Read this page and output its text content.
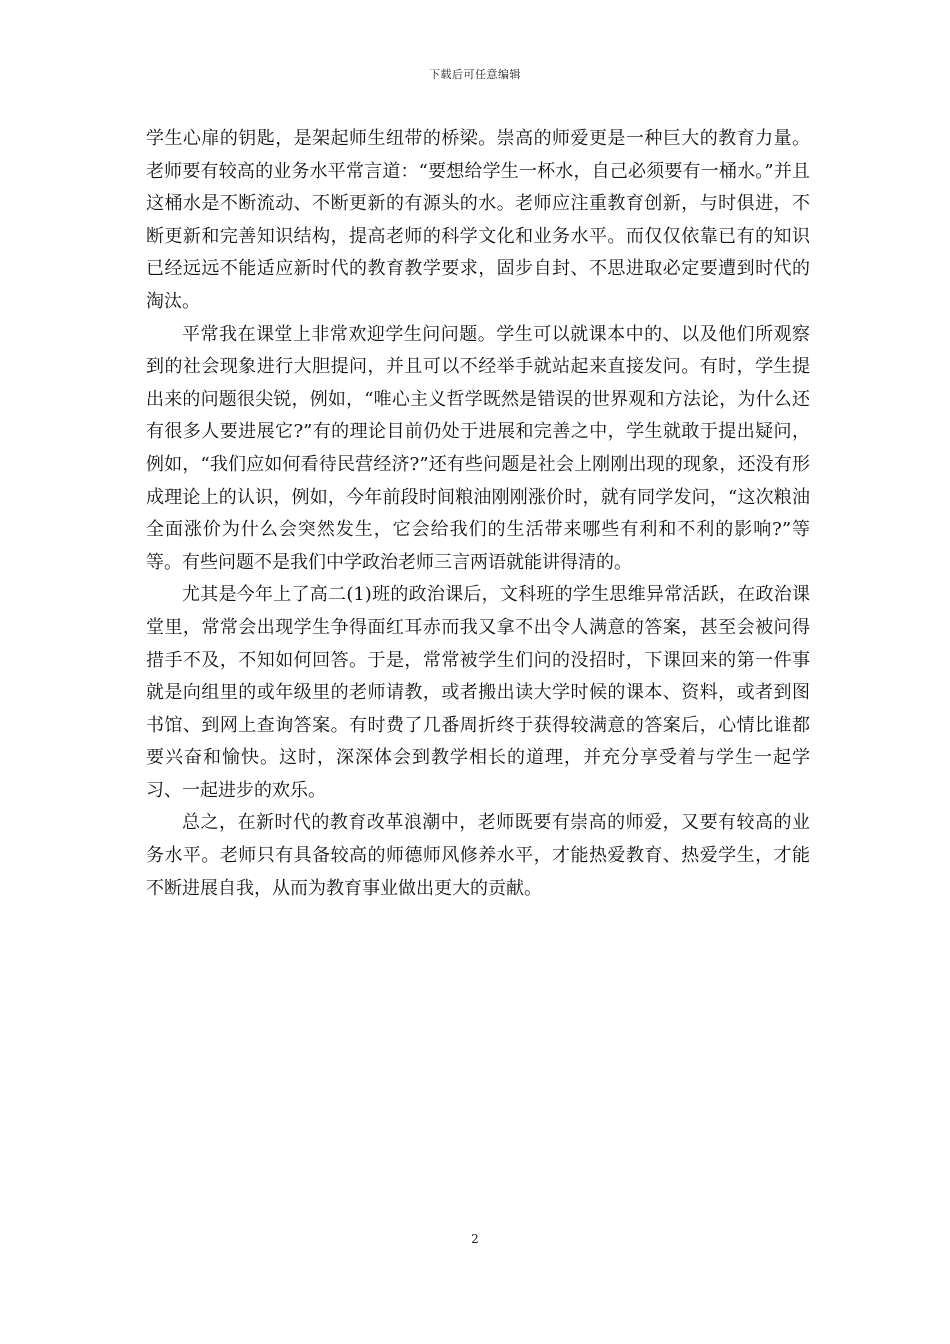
下载后可任意编辑

学生心扉的钥匙，是架起师生纽带的桥梁。崇高的师爱更是一种巨大的教育力量。老师要有较高的业务水平常言道：“要想给学生一杯水，自己必须要有一桶水。”并且这桶水是不断流动、不断更新的有源头的水。老师应注重教育创新，与时俱进，不断更新和完善知识结构，提高老师的科学文化和业务水平。而仅仅依靠已有的知识已经远远不能适应新时代的教育教学要求，固步自封、不思进取必定要遭到时代的淘汰。

平常我在课堂上非常欢迎学生问问题。学生可以就课本中的、以及他们所观察到的社会现象进行大胆提问，并且可以不经举手就站起来直接发问。有时，学生提出来的问题很尖锐，例如，“唯心主义哲学既然是错误的世界观和方法论，为什么还有很多人要进展它?”有的理论目前仍处于进展和完善之中，学生就敢于提出疑问，例如，“我们应如何看待民营经济?”还有些问题是社会上刚刚出现的现象，还没有形成理论上的认识，例如，今年前段时间粮油刚刚涨价时，就有同学发问，“这次粮油全面涨价为什么会突然发生，它会给我们的生活带来哪些有利和不利的影响?”等等。有些问题不是我们中学政治老师三言两语就能讲得清的。

尤其是今年上了高二(1)班的政治课后，文科班的学生思维异常活跃，在政治课堂里，常常会出现学生争得面红耳赤而我又拿不出令人满意的答案，甚至会被问得措手不及，不知如何回答。于是，常常被学生们问的没招时，下课回来的第一件事就是向组里的或年级里的老师请教，或者搬出读大学时候的课本、资料，或者到图书馆、到网上查询答案。有时费了几番周折终于获得较满意的答案后，心情比谁都要兴奋和愉快。这时，深深体会到教学相长的道理，并充分享受着与学生一起学习、一起进步的欢乐。

总之，在新时代的教育改革浪潮中，老师既要有崇高的师爱，又要有较高的业务水平。老师只有具备较高的师德师风修养水平，才能热爱教育、热爱学生，才能不断进展自我，从而为教育事业做出更大的贡献。

2
